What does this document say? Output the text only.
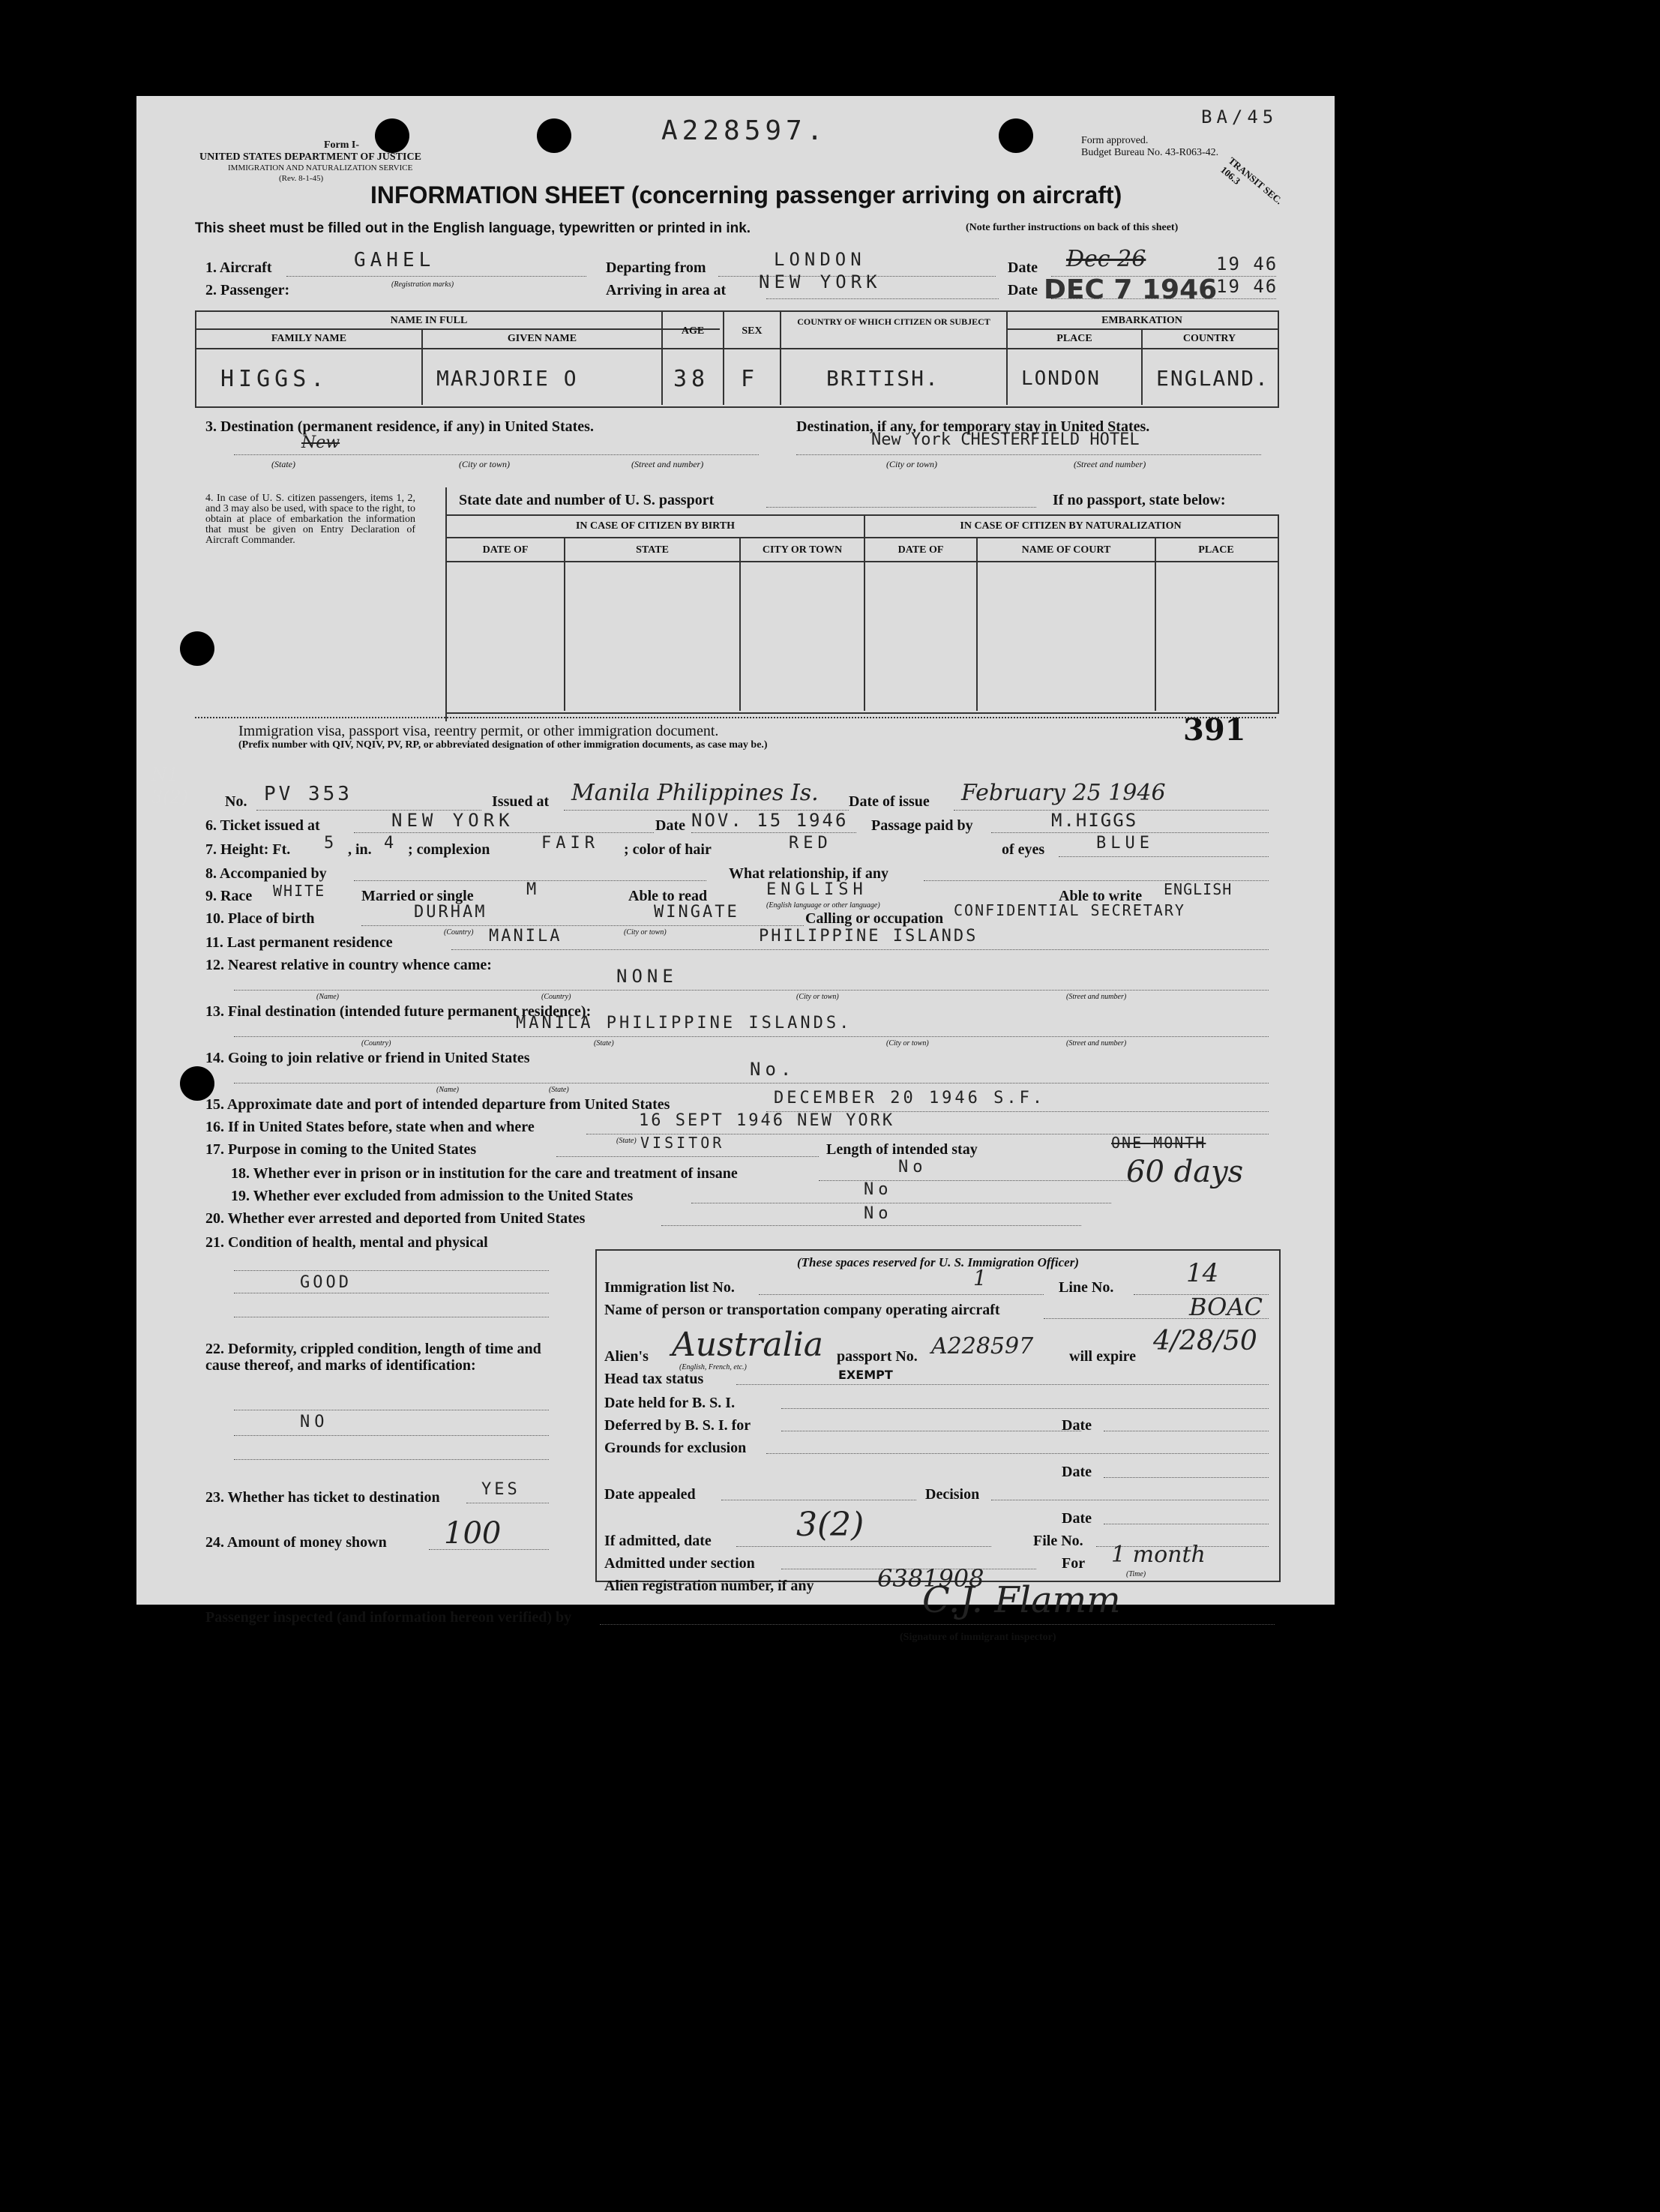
Form I-
UNITED STATES DEPARTMENT OF JUSTICE
IMMIGRATION AND NATURALIZATION SERVICE
(Rev. 8-1-45)
A228597.	BA/45
Form approved.
Budget Bureau No. 43-R063-42.
TRANSIT SEC. 106.3
INFORMATION SHEET (concerning passenger arriving on aircraft)
This sheet must be filled out in the English language, typewritten or printed in ink.	(Note further instructions on back of this sheet)
1. Aircraft	GAHEL
(Registration marks)
Departing from	LONDON	Date Dec 26	19 46
2. Passenger:	Arriving in area at NEW YORK	Date DEC 7 1946
19 46
NAME IN FULL
FAMILY NAME	GIVEN NAME
AGE	SEX
COUNTRY OF WHICH CITIZEN OR SUBJECT	EMBARKATION
PLACE	COUNTRY
HIGGS.	MARJORIE O	38 F	BRITISH.	LONDON	ENGLAND.
3. Destination (permanent residence, if any) in United States.	Destination, if any, for temporary stay in United States.
New	New York CHESTERFIELD HOTEL
(State)	(City or town)	(Street and number)	(City or town)	(Street and number)
4. In case of U. S. citizen passengers, items 1, 2, and 3 may also be used, with space to the right, to obtain at place of embarkation the information that must be given on Entry Declaration of Aircraft Commander.
State date and number of U. S. passport	If no passport, state below:
IN CASE OF CITIZEN BY BIRTH	IN CASE OF CITIZEN BY NATURALIZATION
DATE OF	STATE	CITY OR TOWN	DATE OF	NAME OF COURT	PLACE
Immigration visa, passport visa, reentry permit, or other immigration document.
(Prefix number with QIV, NQIV, PV, RP, or abbreviated designation of other immigration documents, as case may be.)	391
N1 3(2)	No. PV 353	Issued at Manila Philippines Is. Date of issue February 25 1946
6. Ticket issued at	NEW YORK	Date NOV. 15 1946 Passage paid by	M.HIGGS
7. Height: Ft. 5 , in. 4 ; complexion	FAIR ; color of hair	RED	of eyes	BLUE
8. Accompanied by	What relationship, if any
9. Race WHITE Married or single	M	Able to read	ENGLISH
(English language or other language)
Able to write ENGLISH
10. Place of birth	DURHAM	WINGATE	Calling or occupation CONFIDENTIAL SECRETARY
(Country)	(City or town)
11. Last permanent residence	MANILA	PHILIPPINE ISLANDS
12. Nearest relative in country whence came:
NONE
(Name)	(Country)	(City or town)	(Street and number)
13. Final destination (intended future permanent residence):
MANILA PHILIPPINE ISLANDS.
(Country)	(State)	(City or town)	(Street and number)
14. Going to join relative or friend in United States
No.
(Name)
15. Approximate date and port of intended departure from United States	DECEMBER 20 1946 S.F.
(State)
16. If in United States before, state when and where	16 SEPT 1946 NEW YORK
(State)
17. Purpose in coming to the United States	VISITOR	Length of intended stay	ONE MONTH
60 days
18. Whether ever in prison or in institution for the care and treatment of insane	No
19. Whether ever excluded from admission to the United States	No
20. Whether ever arrested and deported from United States	No
21. Condition of health, mental and physical
GOOD
22. Deformity, crippled condition, length of time and cause thereof, and marks of identification:
NO
23. Whether has ticket to destination	YES
24. Amount of money shown 100
(These spaces reserved for U. S. Immigration Officer)
Immigration list No.	1	Line No.	14
Name of person or transportation company operating aircraft	BOAC
Alien's Australia
(English, French, etc.)
passport No. A228597 will expire 4/28/50
Head tax status	EXEMPT
Date held for B. S. I.
Deferred by B. S. I. for	Date
Grounds for exclusion
Date
Date appealed	Decision
Date
If admitted, date	3(2)	File No.
Admitted under section	For 1 month
(Time)
Alien registration number, if any	6381908
Passenger inspected (and information hereon verified) by	C.J. Flamm
(Signature of immigrant inspector)
